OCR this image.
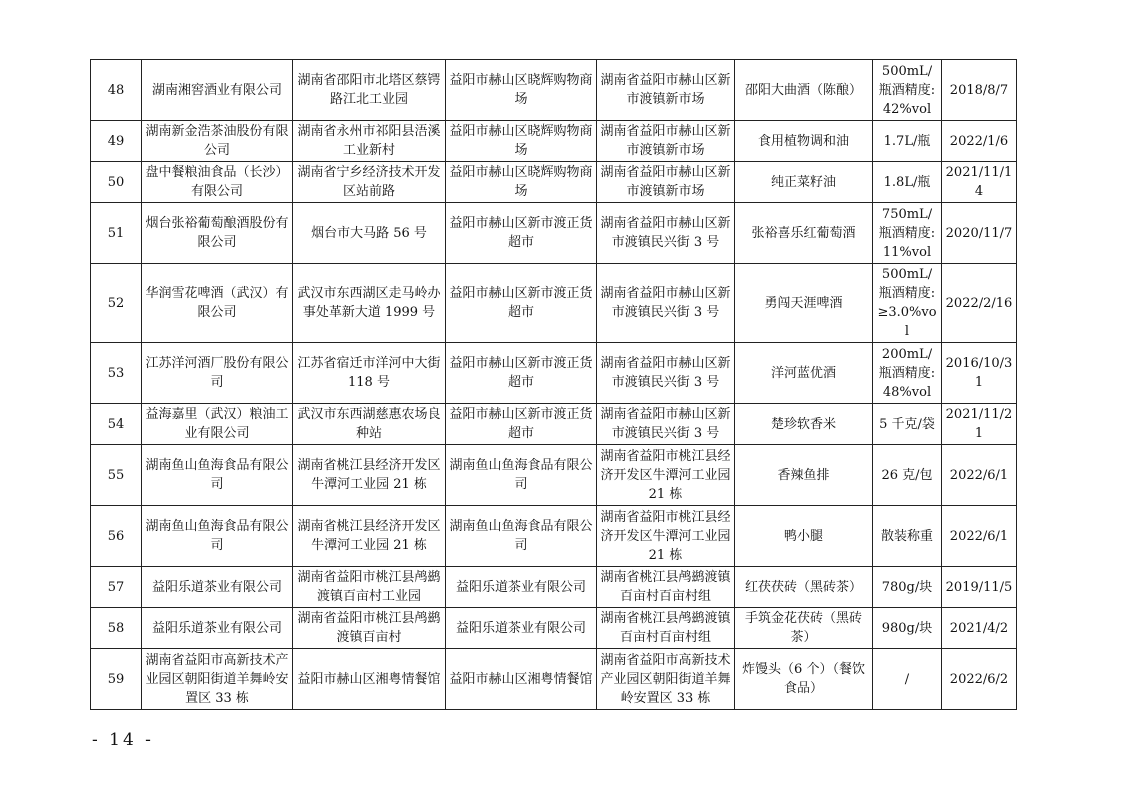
48	湖南湘窖酒业有限公司	湖南省邵阳市北塔区蔡锷路江北工业园	益阳市赫山区晓辉购物商场	湖南省益阳市赫山区新市渡镇新市场	邵阳大曲酒（陈酿）	500mL/瓶酒精度:42%vol	2018/8/7
49	湖南新金浩茶油股份有限公司	湖南省永州市祁阳县浯溪工业新村	益阳市赫山区晓辉购物商场	湖南省益阳市赫山区新市渡镇新市场	食用植物调和油	1.7L/瓶	2022/1/6
50	盘中餐粮油食品（长沙）有限公司	湖南省宁乡经济技术开发区站前路	益阳市赫山区晓辉购物商场	湖南省益阳市赫山区新市渡镇新市场	纯正菜籽油	1.8L/瓶	2021/11/14
51	烟台张裕葡萄酿酒股份有限公司	烟台市大马路 56 号	益阳市赫山区新市渡正货超市	湖南省益阳市赫山区新市渡镇民兴街 3 号	张裕喜乐红葡萄酒	750mL/瓶酒精度:11%vol	2020/11/7
52	华润雪花啤酒（武汉）有限公司	武汉市东西湖区走马岭办事处革新大道 1999 号	益阳市赫山区新市渡正货超市	湖南省益阳市赫山区新市渡镇民兴街 3 号	勇闯天涯啤酒	500mL/瓶酒精度:≥3.0%vol	2022/2/16
53	江苏洋河酒厂股份有限公司	江苏省宿迁市洋河中大街 118 号	益阳市赫山区新市渡正货超市	湖南省益阳市赫山区新市渡镇民兴街 3 号	洋河蓝优酒	200mL/瓶酒精度:48%vol	2016/10/31
54	益海嘉里（武汉）粮油工业有限公司	武汉市东西湖慈惠农场良种站	益阳市赫山区新市渡正货超市	湖南省益阳市赫山区新市渡镇民兴街 3 号	楚珍软香米	5 千克/袋	2021/11/21
55	湖南鱼山鱼海食品有限公司	湖南省桃江县经济开发区牛潭河工业园 21 栋	湖南鱼山鱼海食品有限公司	湖南省益阳市桃江县经济开发区牛潭河工业园 21 栋	香辣鱼排	26 克/包	2022/6/1
56	湖南鱼山鱼海食品有限公司	湖南省桃江县经济开发区牛潭河工业园 21 栋	湖南鱼山鱼海食品有限公司	湖南省益阳市桃江县经济开发区牛潭河工业园 21 栋	鸭小腿	散装称重	2022/6/1
57	益阳乐道茶业有限公司	湖南省益阳市桃江县鸬鹚渡镇百亩村工业园	益阳乐道茶业有限公司	湖南省桃江县鸬鹚渡镇百亩村百亩村组	红茯茯砖（黑砖茶）	780g/块	2019/11/5
58	益阳乐道茶业有限公司	湖南省益阳市桃江县鸬鹚渡镇百亩村	益阳乐道茶业有限公司	湖南省桃江县鸬鹚渡镇百亩村百亩村组	手筑金花茯砖（黑砖茶）	980g/块	2021/4/2
59	湖南省益阳市高新技术产业园区朝阳街道羊舞岭安置区 33 栋	益阳市赫山区湘粤情餐馆	益阳市赫山区湘粤情餐馆	湖南省益阳市高新技术产业园区朝阳街道羊舞岭安置区 33 栋	炸馒头（6 个）（餐饮食品）	/	2022/6/2
- 14 -
